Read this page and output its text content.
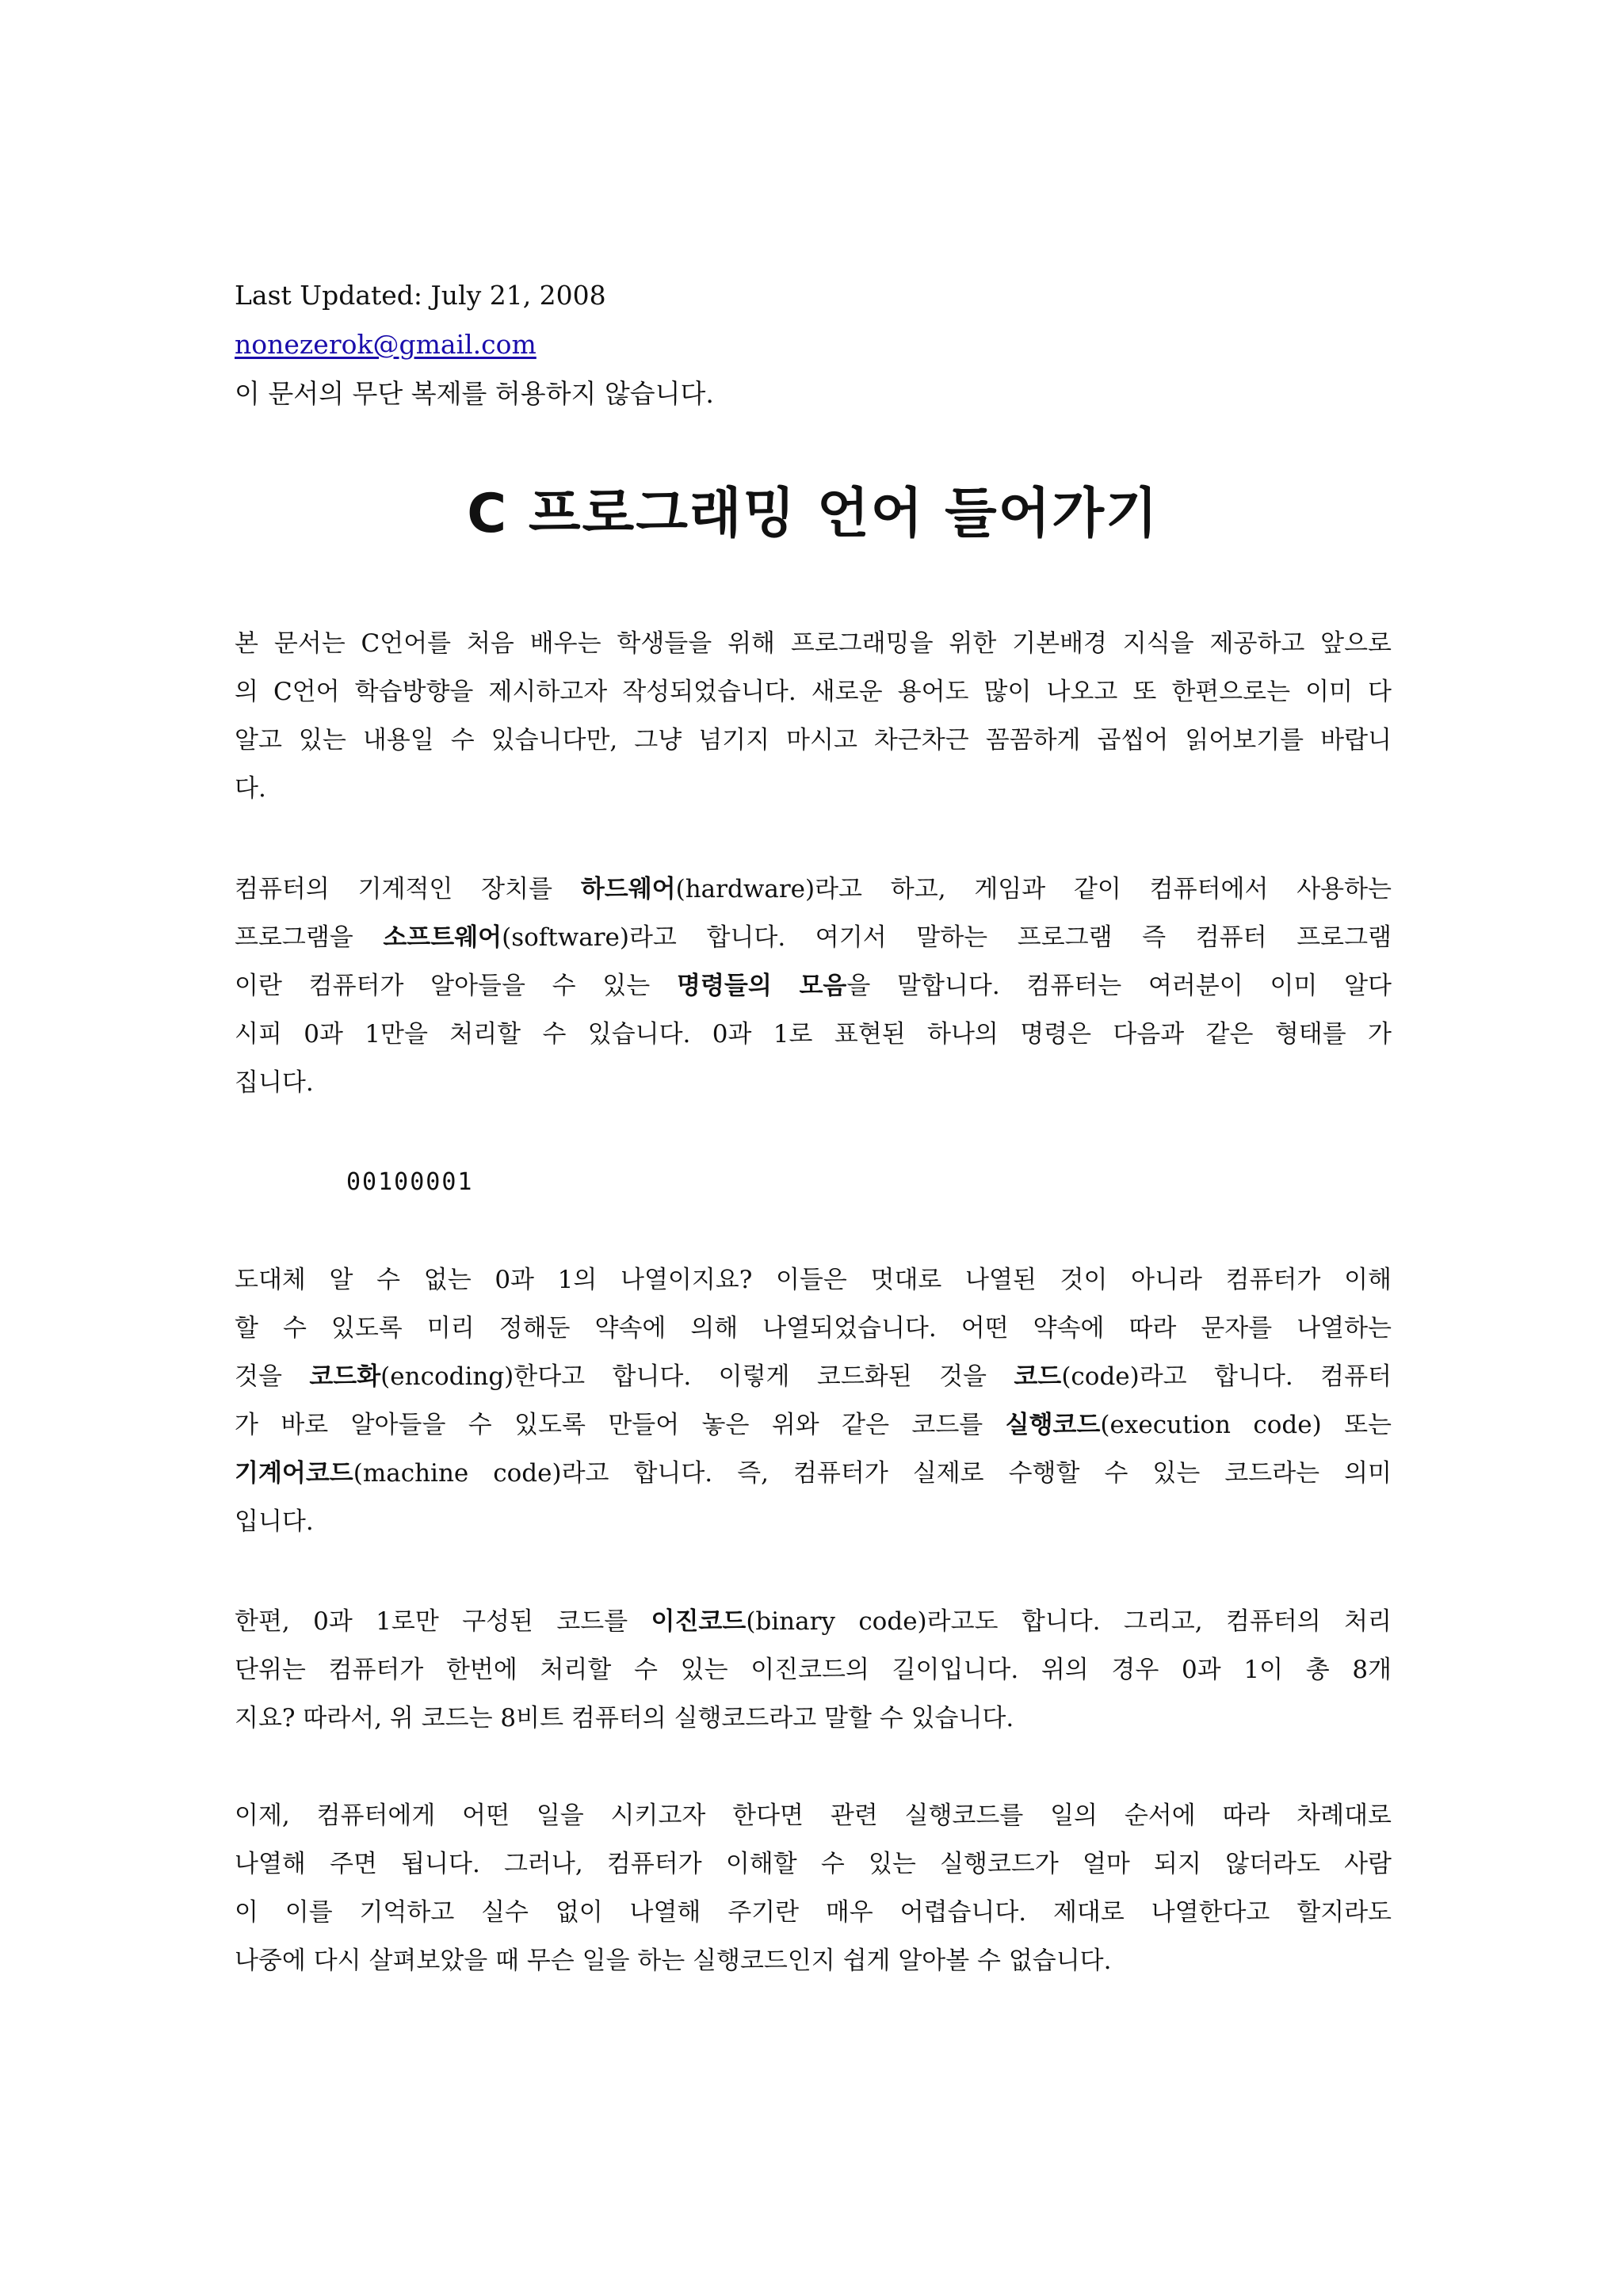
Last Updated: July 21, 2008
nonezerok@gmail.com
이 문서의 무단 복제를 허용하지 않습니다.
C 프로그래밍 언어 들어가기
본 문서는 C언어를 처음 배우는 학생들을 위해 프로그래밍을 위한 기본배경 지식을 제공하고 앞으로
의 C언어 학습방향을 제시하고자 작성되었습니다. 새로운 용어도 많이 나오고 또 한편으로는 이미 다
알고 있는 내용일 수 있습니다만, 그냥 넘기지 마시고 차근차근 꼼꼼하게 곱씹어 읽어보기를 바랍니
다.
컴퓨터의 기계적인 장치를 하드웨어(hardware)라고 하고, 게임과 같이 컴퓨터에서 사용하는
프로그램을 소프트웨어(software)라고 합니다. 여기서 말하는 프로그램 즉 컴퓨터 프로그램
이란 컴퓨터가 알아들을 수 있는 명령들의 모음을 말합니다. 컴퓨터는 여러분이 이미 알다
시피 0과 1만을 처리할 수 있습니다. 0과 1로 표현된 하나의 명령은 다음과 같은 형태를 가
집니다.
00100001
도대체 알 수 없는 0과 1의 나열이지요? 이들은 멋대로 나열된 것이 아니라 컴퓨터가 이해
할 수 있도록 미리 정해둔 약속에 의해 나열되었습니다. 어떤 약속에 따라 문자를 나열하는
것을 코드화(encoding)한다고 합니다. 이렇게 코드화된 것을 코드(code)라고 합니다. 컴퓨터
가 바로 알아들을 수 있도록 만들어 놓은 위와 같은 코드를 실행코드(execution code) 또는
기계어코드(machine code)라고 합니다. 즉, 컴퓨터가 실제로 수행할 수 있는 코드라는 의미
입니다.
한편, 0과 1로만 구성된 코드를 이진코드(binary code)라고도 합니다. 그리고, 컴퓨터의 처리
단위는 컴퓨터가 한번에 처리할 수 있는 이진코드의 길이입니다. 위의 경우 0과 1이 총 8개
지요? 따라서, 위 코드는 8비트 컴퓨터의 실행코드라고 말할 수 있습니다.
이제, 컴퓨터에게 어떤 일을 시키고자 한다면 관련 실행코드를 일의 순서에 따라 차례대로
나열해 주면 됩니다. 그러나, 컴퓨터가 이해할 수 있는 실행코드가 얼마 되지 않더라도 사람
이 이를 기억하고 실수 없이 나열해 주기란 매우 어렵습니다. 제대로 나열한다고 할지라도
나중에 다시 살펴보았을 때 무슨 일을 하는 실행코드인지 쉽게 알아볼 수 없습니다.
